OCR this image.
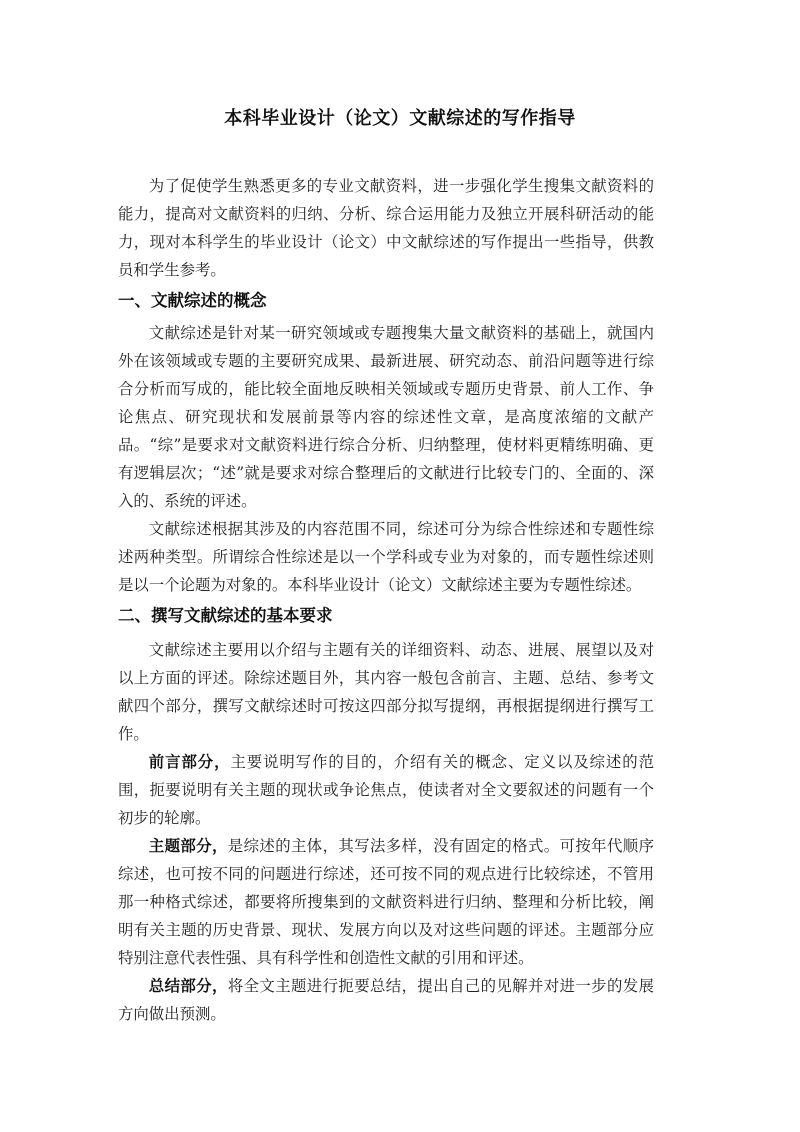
本科毕业设计（论文）文献综述的写作指导

为了促使学生熟悉更多的专业文献资料，进一步强化学生搜集文献资料的能力，提高对文献资料的归纳、分析、综合运用能力及独立开展科研活动的能力，现对本科学生的毕业设计（论文）中文献综述的写作提出一些指导，供教员和学生参考。

一、文献综述的概念

文献综述是针对某一研究领域或专题搜集大量文献资料的基础上，就国内外在该领域或专题的主要研究成果、最新进展、研究动态、前沿问题等进行综合分析而写成的，能比较全面地反映相关领域或专题历史背景、前人工作、争论焦点、研究现状和发展前景等内容的综述性文章，是高度浓缩的文献产品。“综”是要求对文献资料进行综合分析、归纳整理，使材料更精练明确、更有逻辑层次；“述”就是要求对综合整理后的文献进行比较专门的、全面的、深入的、系统的评述。

文献综述根据其涉及的内容范围不同，综述可分为综合性综述和专题性综述两种类型。所谓综合性综述是以一个学科或专业为对象的，而专题性综述则是以一个论题为对象的。本科毕业设计（论文）文献综述主要为专题性综述。

二、撰写文献综述的基本要求

文献综述主要用以介绍与主题有关的详细资料、动态、进展、展望以及对以上方面的评述。除综述题目外，其内容一般包含前言、主题、总结、参考文献四个部分，撰写文献综述时可按这四部分拟写提纲，再根据提纲进行撰写工作。

前言部分，主要说明写作的目的，介绍有关的概念、定义以及综述的范围，扼要说明有关主题的现状或争论焦点，使读者对全文要叙述的问题有一个初步的轮廓。

主题部分，是综述的主体，其写法多样，没有固定的格式。可按年代顺序综述，也可按不同的问题进行综述，还可按不同的观点进行比较综述，不管用那一种格式综述，都要将所搜集到的文献资料进行归纳、整理和分析比较，阐明有关主题的历史背景、现状、发展方向以及对这些问题的评述。主题部分应特别注意代表性强、具有科学性和创造性文献的引用和评述。

总结部分，将全文主题进行扼要总结，提出自己的见解并对进一步的发展方向做出预测。
